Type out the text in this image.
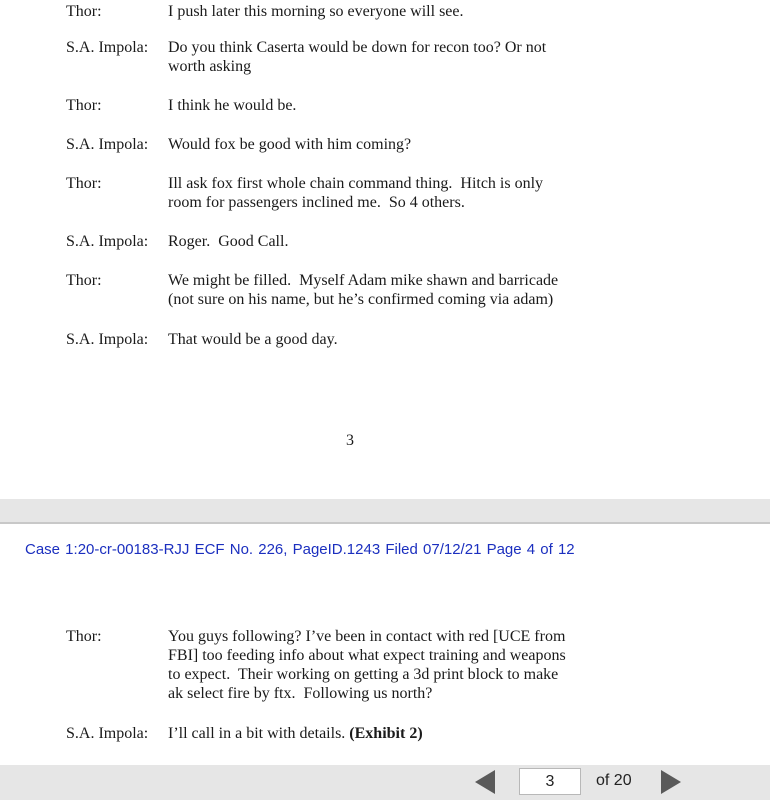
Thor:	I push later this morning so everyone will see.
S.A. Impola: Do you think Caserta would be down for recon too? Or not
worth asking
Thor:	I think he would be.
S.A. Impola: Would fox be good with him coming?
Thor:	Ill ask fox first whole chain command thing.  Hitch is only
room for passengers inclined me.  So 4 others.
S.A. Impola: Roger.  Good Call.
Thor:	We might be filled.  Myself Adam mike shawn and barricade
(not sure on his name, but he’s confirmed coming via adam)
S.A. Impola: That would be a good day.
3
Case 1:20-cr-00183-RJJ ECF No. 226, PageID.1243 Filed 07/12/21 Page 4 of 12
Thor:	You guys following? I’ve been in contact with red [UCE from
FBI] too feeding info about what expect training and weapons
to expect.  Their working on getting a 3d print block to make
ak select fire by ftx.  Following us north?
S.A. Impola: I’ll call in a bit with details. (Exhibit 2)
3
of 20
